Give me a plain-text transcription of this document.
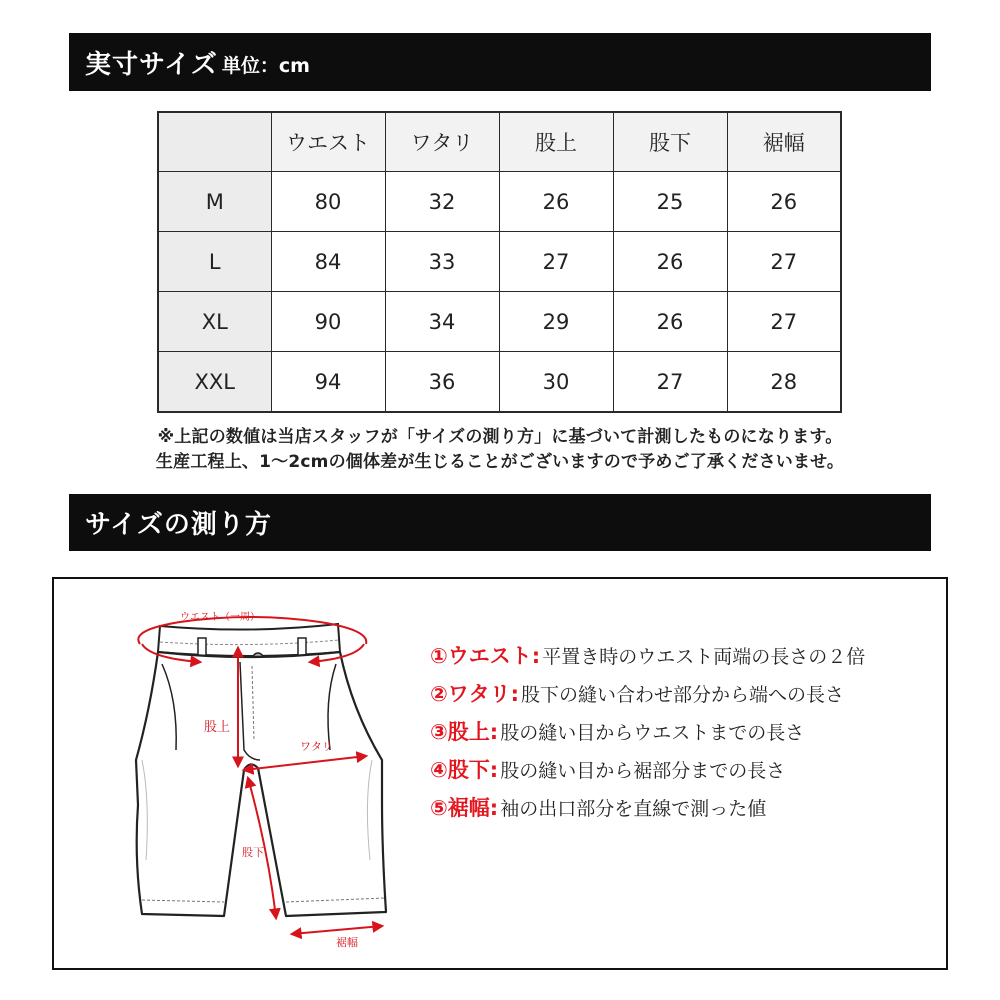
実寸サイズ 単位：cm
	ウエスト	ワタリ	股上	股下	裾幅
M	80	32	26	25	26
L	84	33	27	26	27
XL	90	34	29	26	27
XXL	94	36	30	27	28
※上記の数値は当店スタッフが「サイズの測り方」に基づいて計測したものになります。
生産工程上、1〜2cmの個体差が生じることがございますので予めご了承くださいませ。
サイズの測り方
ウエスト（一周）
股上
ワタリ
股下
裾幅
①ウエスト: 平置き時のウエスト両端の長さの２倍
②ワタリ: 股下の縫い合わせ部分から端への長さ
③股上: 股の縫い目からウエストまでの長さ
④股下: 股の縫い目から裾部分までの長さ
⑤裾幅: 袖の出口部分を直線で測った値
